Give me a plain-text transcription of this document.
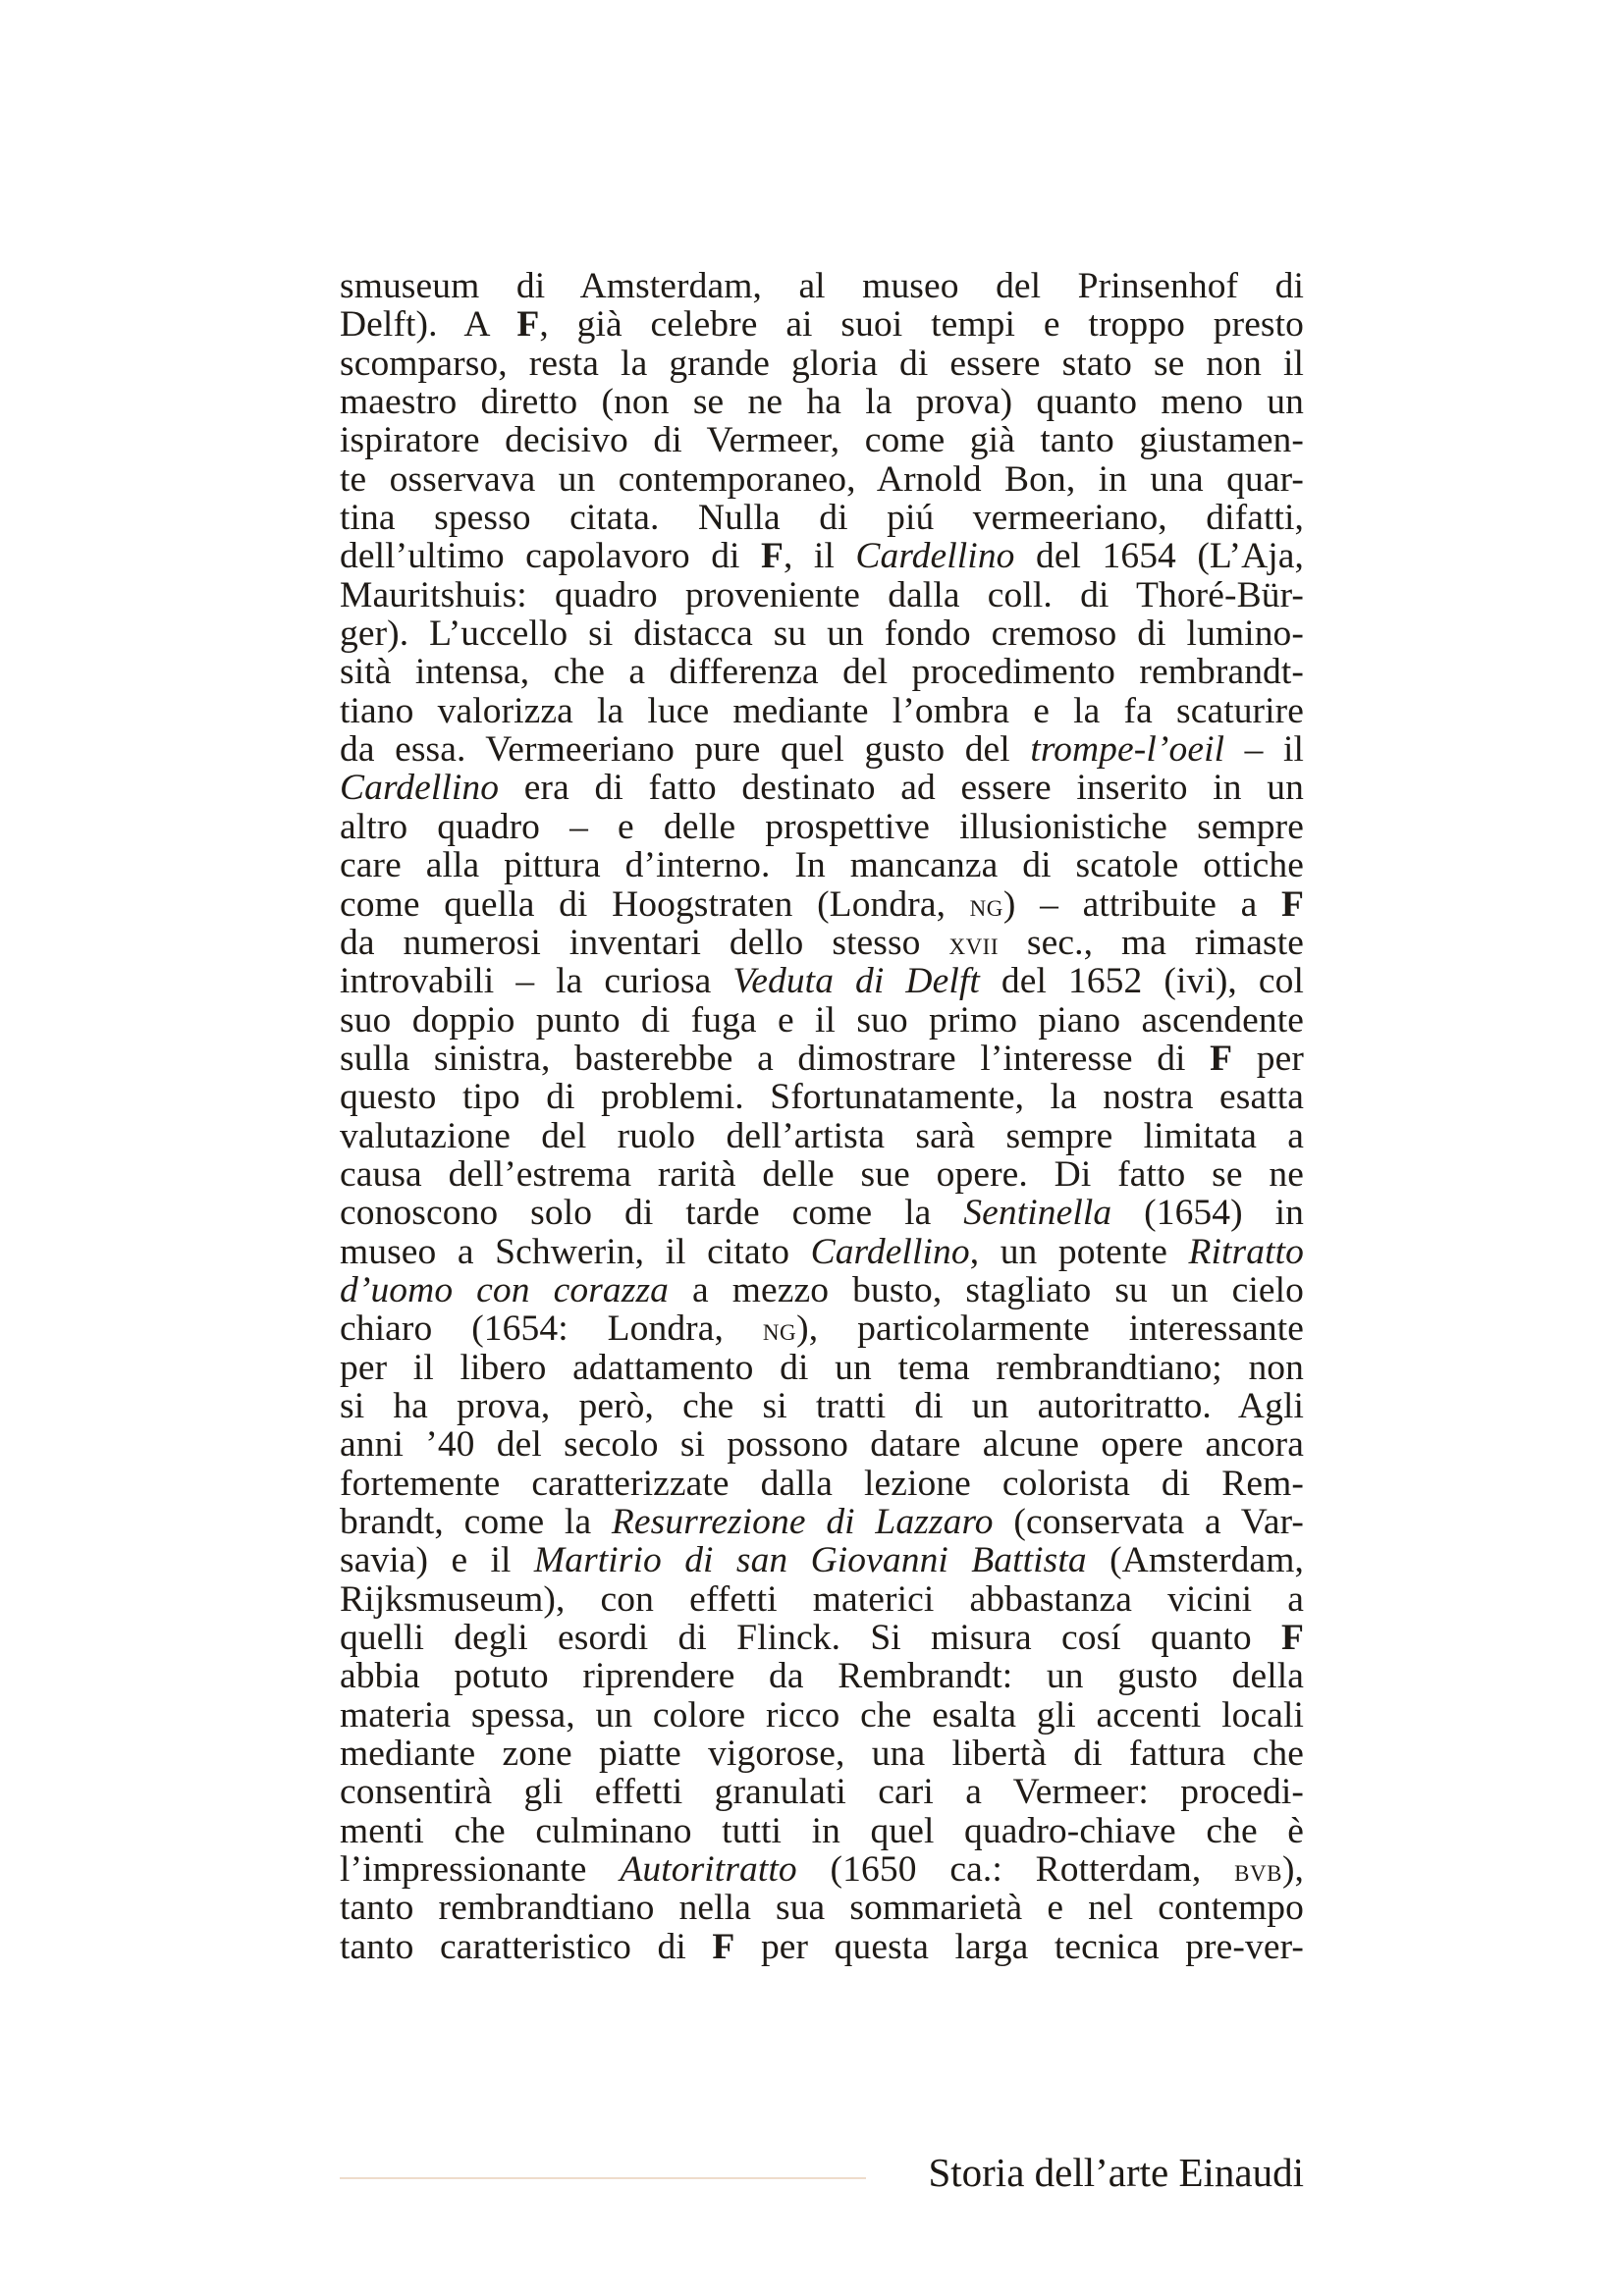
smuseum di Amsterdam, al museo del Prinsenhof di
Delft). A F, già celebre ai suoi tempi e troppo presto
scomparso, resta la grande gloria di essere stato se non il
maestro diretto (non se ne ha la prova) quanto meno un
ispiratore decisivo di Vermeer, come già tanto giustamen-
te osservava un contemporaneo, Arnold Bon, in una quar-
tina spesso citata. Nulla di piú vermeeriano, difatti,
dell’ultimo capolavoro di F, il Cardellino del 1654 (L’Aja,
Mauritshuis: quadro proveniente dalla coll. di Thoré-Bür-
ger). L’uccello si distacca su un fondo cremoso di lumino-
sità intensa, che a differenza del procedimento rembrandt-
tiano valorizza la luce mediante l’ombra e la fa scaturire
da essa. Vermeeriano pure quel gusto del trompe-l’oeil – il
Cardellino era di fatto destinato ad essere inserito in un
altro quadro – e delle prospettive illusionistiche sempre
care alla pittura d’interno. In mancanza di scatole ottiche
come quella di Hoogstraten (Londra, ng) – attribuite a F
da numerosi inventari dello stesso xvii sec., ma rimaste
introvabili – la curiosa Veduta di Delft del 1652 (ivi), col
suo doppio punto di fuga e il suo primo piano ascendente
sulla sinistra, basterebbe a dimostrare l’interesse di F per
questo tipo di problemi. Sfortunatamente, la nostra esatta
valutazione del ruolo dell’artista sarà sempre limitata a
causa dell’estrema rarità delle sue opere. Di fatto se ne
conoscono solo di tarde come la Sentinella (1654) in
museo a Schwerin, il citato Cardellino, un potente Ritratto
d’uomo con corazza a mezzo busto, stagliato su un cielo
chiaro (1654: Londra, ng), particolarmente interessante
per il libero adattamento di un tema rembrandtiano; non
si ha prova, però, che si tratti di un autoritratto. Agli
anni ’40 del secolo si possono datare alcune opere ancora
fortemente caratterizzate dalla lezione colorista di Rem-
brandt, come la Resurrezione di Lazzaro (conservata a Var-
savia) e il Martirio di san Giovanni Battista (Amsterdam,
Rijksmuseum), con effetti materici abbastanza vicini a
quelli degli esordi di Flinck. Si misura cosí quanto F
abbia potuto riprendere da Rembrandt: un gusto della
materia spessa, un colore ricco che esalta gli accenti locali
mediante zone piatte vigorose, una libertà di fattura che
consentirà gli effetti granulati cari a Vermeer: procedi-
menti che culminano tutti in quel quadro-chiave che è
l’impressionante Autoritratto (1650 ca.: Rotterdam, bvb),
tanto rembrandtiano nella sua sommarietà e nel contempo
tanto caratteristico di F per questa larga tecnica pre-ver-
Storia dell’arte Einaudi
